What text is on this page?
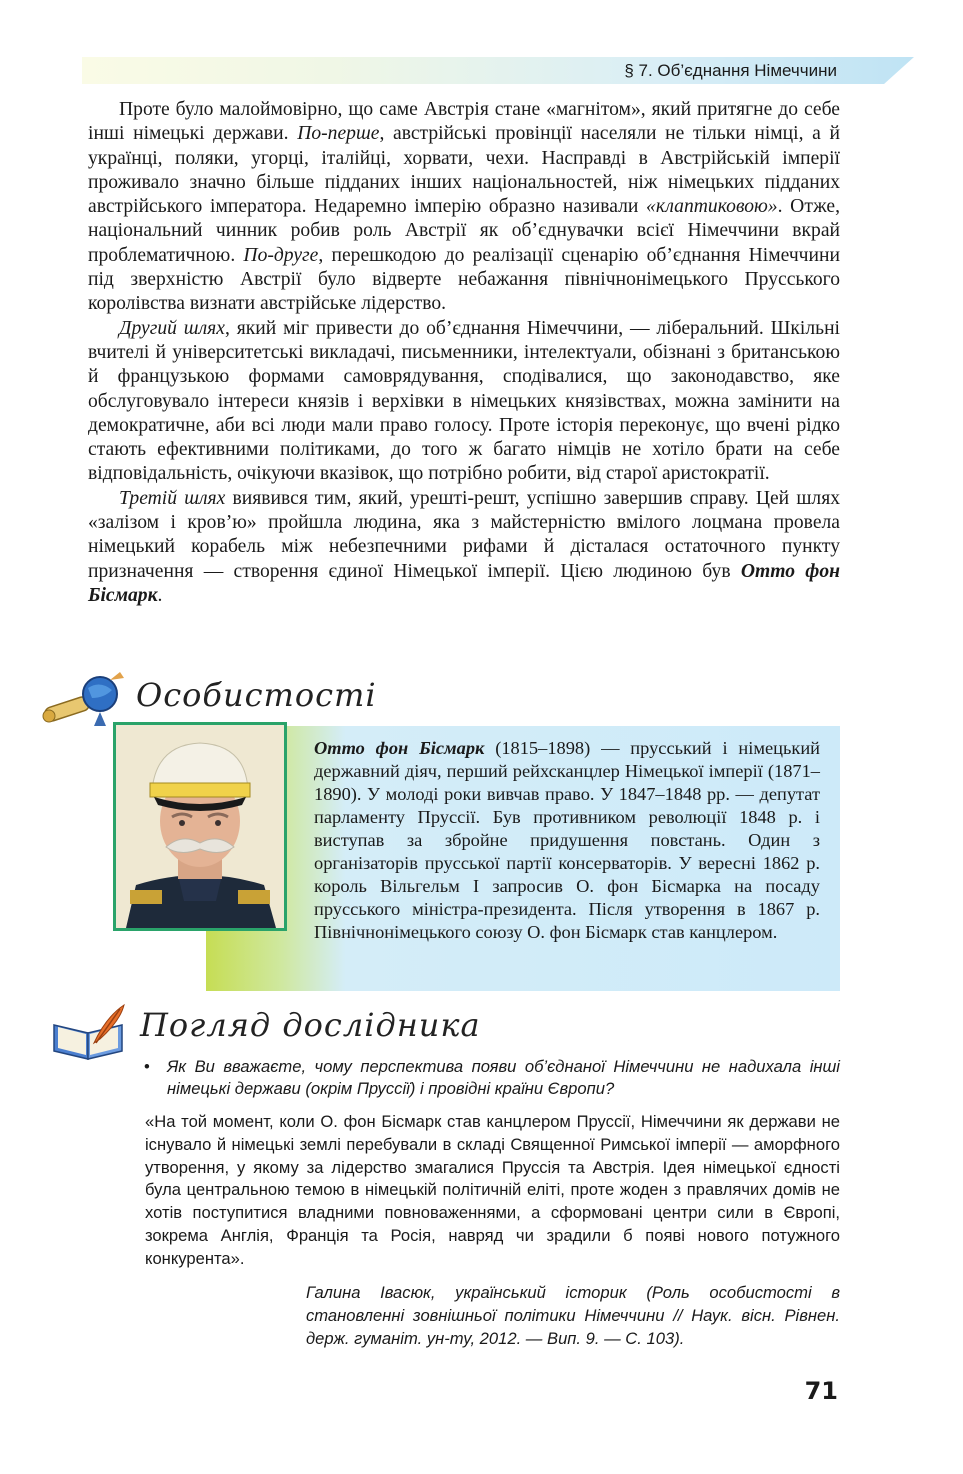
§ 7. Об’єднання Німеччини

Проте було малоймовірно, що саме Австрія стане «магнітом», який притягне до себе інші німецькі держави. По-перше, австрійські провінції населяли не тільки німці, а й українці, поляки, угорці, італійці, хорвати, чехи. Насправді в Австрійській імперії проживало значно більше підданих інших національностей, ніж німецьких підданих австрійського імператора. Недаремно імперію образно називали «клаптиковою». Отже, національний чинник робив роль Австрії як об’єднувачки всієї Німеччини вкрай проблематичною. По-друге, перешкодою до реалізації сценарію об’єднання Німеччини під зверхністю Австрії було відверте небажання північнонімецького Прусського королівства визнати австрійське лідерство.

Другий шлях, який міг привести до об’єднання Німеччини, — ліберальний. Шкільні вчителі й університетські викладачі, письменники, інтелектуали, обізнані з британською й французькою формами самоврядування, сподівалися, що законодавство, яке обслуговувало інтереси князів і верхівки в німецьких князівствах, можна замінити на демократичне, аби всі люди мали право голосу. Проте історія переконує, що вчені рідко стають ефективними політиками, до того ж багато німців не хотіло брати на себе відповідальність, очікуючи вказівок, що потрібно робити, від старої аристократії.

Третій шлях виявився тим, який, урешті-решт, успішно завершив справу. Цей шлях «залізом і кров’ю» пройшла людина, яка з майстерністю вмілого лоцмана провела німецький корабель між небезпечними рифами й дісталася остаточного пункту призначення — створення єдиної Німецької імперії. Цією людиною був Отто фон Бісмарк.

Особистості
Отто фон Бісмарк (1815–1898) — прусський і німецький державний діяч, перший рейхсканцлер Німецької імперії (1871–1890). У молоді роки вивчав право. У 1847–1848 рр. — депутат парламенту Пруссії. Був противником революції 1848 р. і виступав за збройне придушення повстань. Один з організаторів прусської партії консерваторів. У вересні 1862 р. король Вільгельм I запросив О. фон Бісмарка на посаду прусського міністра-президента. Після утворення в 1867 р. Північнонімецького союзу О. фон Бісмарк став канцлером.
Погляд дослідника
• Як Ви вважаєте, чому перспектива появи об’єднаної Німеччини не надихала інші німецькі держави (окрім Пруссії) і провідні країни Європи?
«На той момент, коли О. фон Бісмарк став канцлером Пруссії, Німеччини як держави не існувало й німецькі землі перебували в складі Священної Римської імперії — аморфного утворення, у якому за лідерство змагалися Пруссія та Австрія. Ідея німецької єдності була центральною темою в німецькій політичній еліті, проте жоден з правлячих домів не хотів поступитися владними повноваженнями, а сформовані центри сили в Європі, зокрема Англія, Франція та Росія, навряд чи зрадили б появі нового потужного конкурента».
Галина Івасюк, український історик (Роль особистості в становленні зовнішньої політики Німеччини // Наук. вісн. Рівнен. держ. гуманіт. ун-ту, 2012. — Вип. 9. — С. 103).
71
